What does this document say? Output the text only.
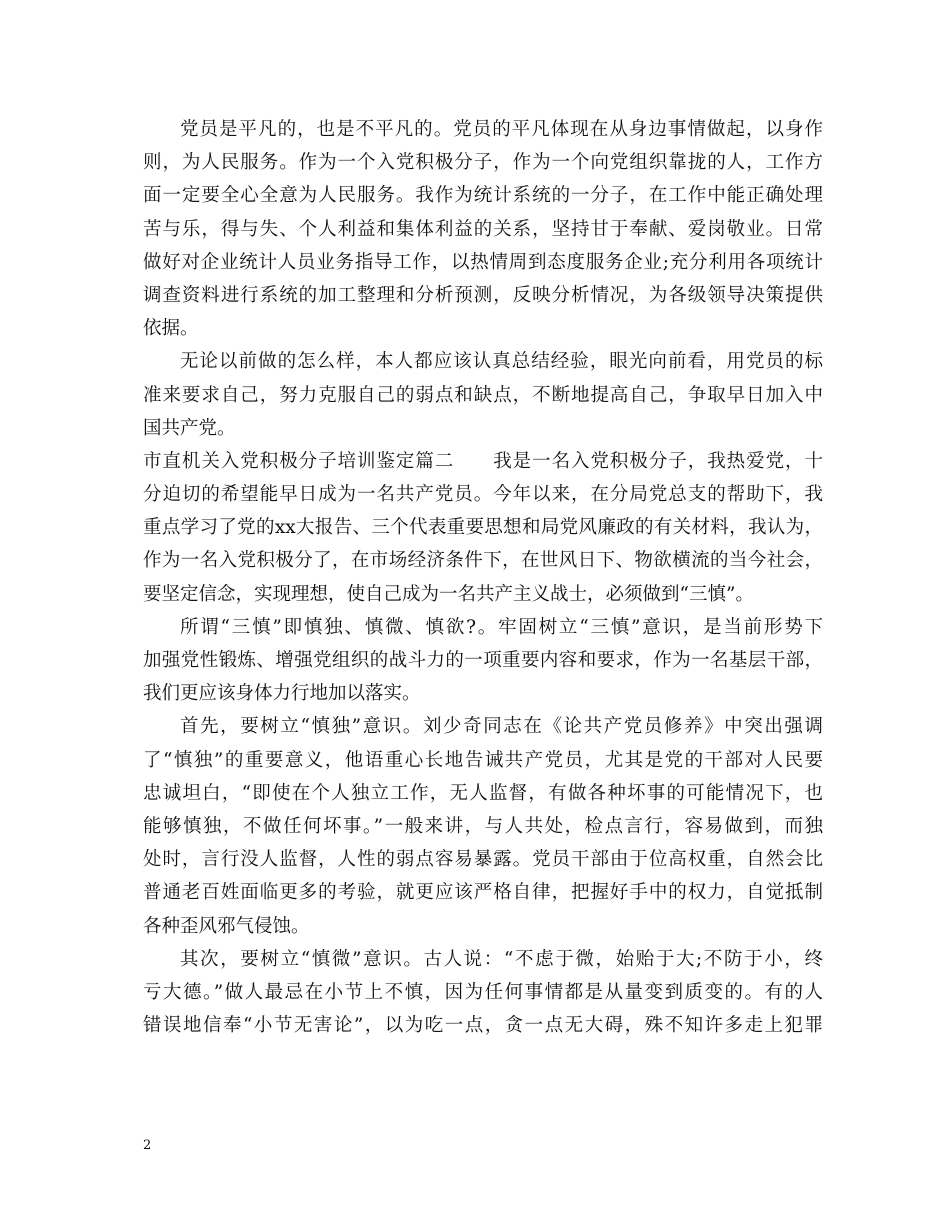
党员是平凡的，也是不平凡的。党员的平凡体现在从身边事情做起，以身作
则，为人民服务。作为一个入党积极分子，作为一个向党组织靠拢的人，工作方
面一定要全心全意为人民服务。我作为统计系统的一分子，在工作中能正确处理
苦与乐，得与失、个人利益和集体利益的关系，坚持甘于奉献、爱岗敬业。日常
做好对企业统计人员业务指导工作，以热情周到态度服务企业;充分利用各项统计
调查资料进行系统的加工整理和分析预测，反映分析情况，为各级领导决策提供
依据。
无论以前做的怎么样，本人都应该认真总结经验，眼光向前看，用党员的标
准来要求自己，努力克服自己的弱点和缺点，不断地提高自己，争取早日加入中
国共产党。
市直机关入党积极分子培训鉴定篇二　　我是一名入党积极分子，我热爱党，十
分迫切的希望能早日成为一名共产党员。今年以来，在分局党总支的帮助下，我
重点学习了党的xx大报告、三个代表重要思想和局党风廉政的有关材料，我认为，
作为一名入党积极分了，在市场经济条件下，在世风日下、物欲横流的当今社会，
要坚定信念，实现理想，使自己成为一名共产主义战士，必须做到“三慎”。
所谓“三慎”即慎独、慎微、慎欲?。牢固树立“三慎”意识，是当前形势下
加强党性锻炼、增强党组织的战斗力的一项重要内容和要求，作为一名基层干部，
我们更应该身体力行地加以落实。
首先，要树立“慎独”意识。刘少奇同志在《论共产党员修养》中突出强调
了“慎独”的重要意义，他语重心长地告诫共产党员，尤其是党的干部对人民要
忠诚坦白，“即使在个人独立工作，无人监督，有做各种坏事的可能情况下，也
能够慎独，不做任何坏事。”一般来讲，与人共处，检点言行，容易做到，而独
处时，言行没人监督，人性的弱点容易暴露。党员干部由于位高权重，自然会比
普通老百姓面临更多的考验，就更应该严格自律，把握好手中的权力，自觉抵制
各种歪风邪气侵蚀。
其次，要树立“慎微”意识。古人说：“不虑于微，始贻于大;不防于小，终
亏大德。”做人最忌在小节上不慎，因为任何事情都是从量变到质变的。有的人
错误地信奉“小节无害论”，以为吃一点，贪一点无大碍，殊不知许多走上犯罪
2
